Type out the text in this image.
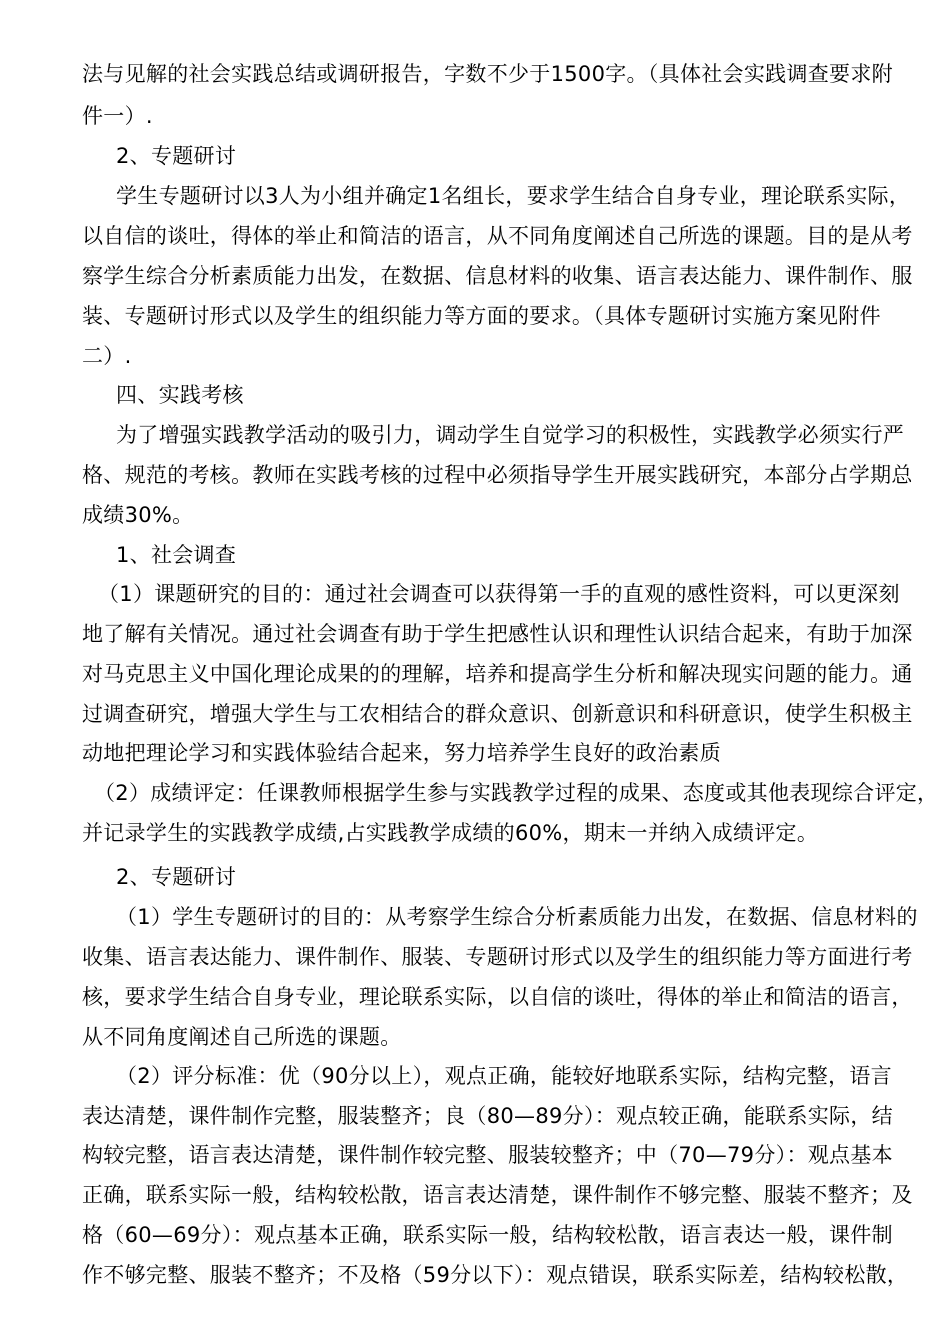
法与见解的社会实践总结或调研报告，字数不少于1500字。（具体社会实践调查要求附
件一）.
2、专题研讨
学生专题研讨以3人为小组并确定1名组长，要求学生结合自身专业，理论联系实际，
以自信的谈吐，得体的举止和简洁的语言，从不同角度阐述自己所选的课题。目的是从考
察学生综合分析素质能力出发，在数据、信息材料的收集、语言表达能力、课件制作、服
装、专题研讨形式以及学生的组织能力等方面的要求。（具体专题研讨实施方案见附件
二）.
四、实践考核
为了增强实践教学活动的吸引力，调动学生自觉学习的积极性，实践教学必须实行严
格、规范的考核。教师在实践考核的过程中必须指导学生开展实践研究，本部分占学期总
成绩30%。
1、社会调查
（1）课题研究的目的：通过社会调查可以获得第一手的直观的感性资料，可以更深刻
地了解有关情况。通过社会调查有助于学生把感性认识和理性认识结合起来，有助于加深
对马克思主义中国化理论成果的的理解，培养和提高学生分析和解决现实问题的能力。通
过调查研究，增强大学生与工农相结合的群众意识、创新意识和科研意识，使学生积极主
动地把理论学习和实践体验结合起来，努力培养学生良好的政治素质
（2）成绩评定：任课教师根据学生参与实践教学过程的成果、态度或其他表现综合评定，
并记录学生的实践教学成绩,占实践教学成绩的60%，期末一并纳入成绩评定。
2、专题研讨
（1）学生专题研讨的目的：从考察学生综合分析素质能力出发，在数据、信息材料的
收集、语言表达能力、课件制作、服装、专题研讨形式以及学生的组织能力等方面进行考
核，要求学生结合自身专业，理论联系实际，以自信的谈吐，得体的举止和简洁的语言，
从不同角度阐述自己所选的课题。
（2）评分标准：优（90分以上），观点正确，能较好地联系实际，结构完整，语言
表达清楚，课件制作完整，服装整齐；良（80—89分）：观点较正确，能联系实际，结
构较完整，语言表达清楚，课件制作较完整、服装较整齐；中（70—79分）：观点基本
正确，联系实际一般，结构较松散，语言表达清楚，课件制作不够完整、服装不整齐；及
格（60—69分）：观点基本正确，联系实际一般，结构较松散，语言表达一般，课件制
作不够完整、服装不整齐；不及格（59分以下）：观点错误，联系实际差，结构较松散，
